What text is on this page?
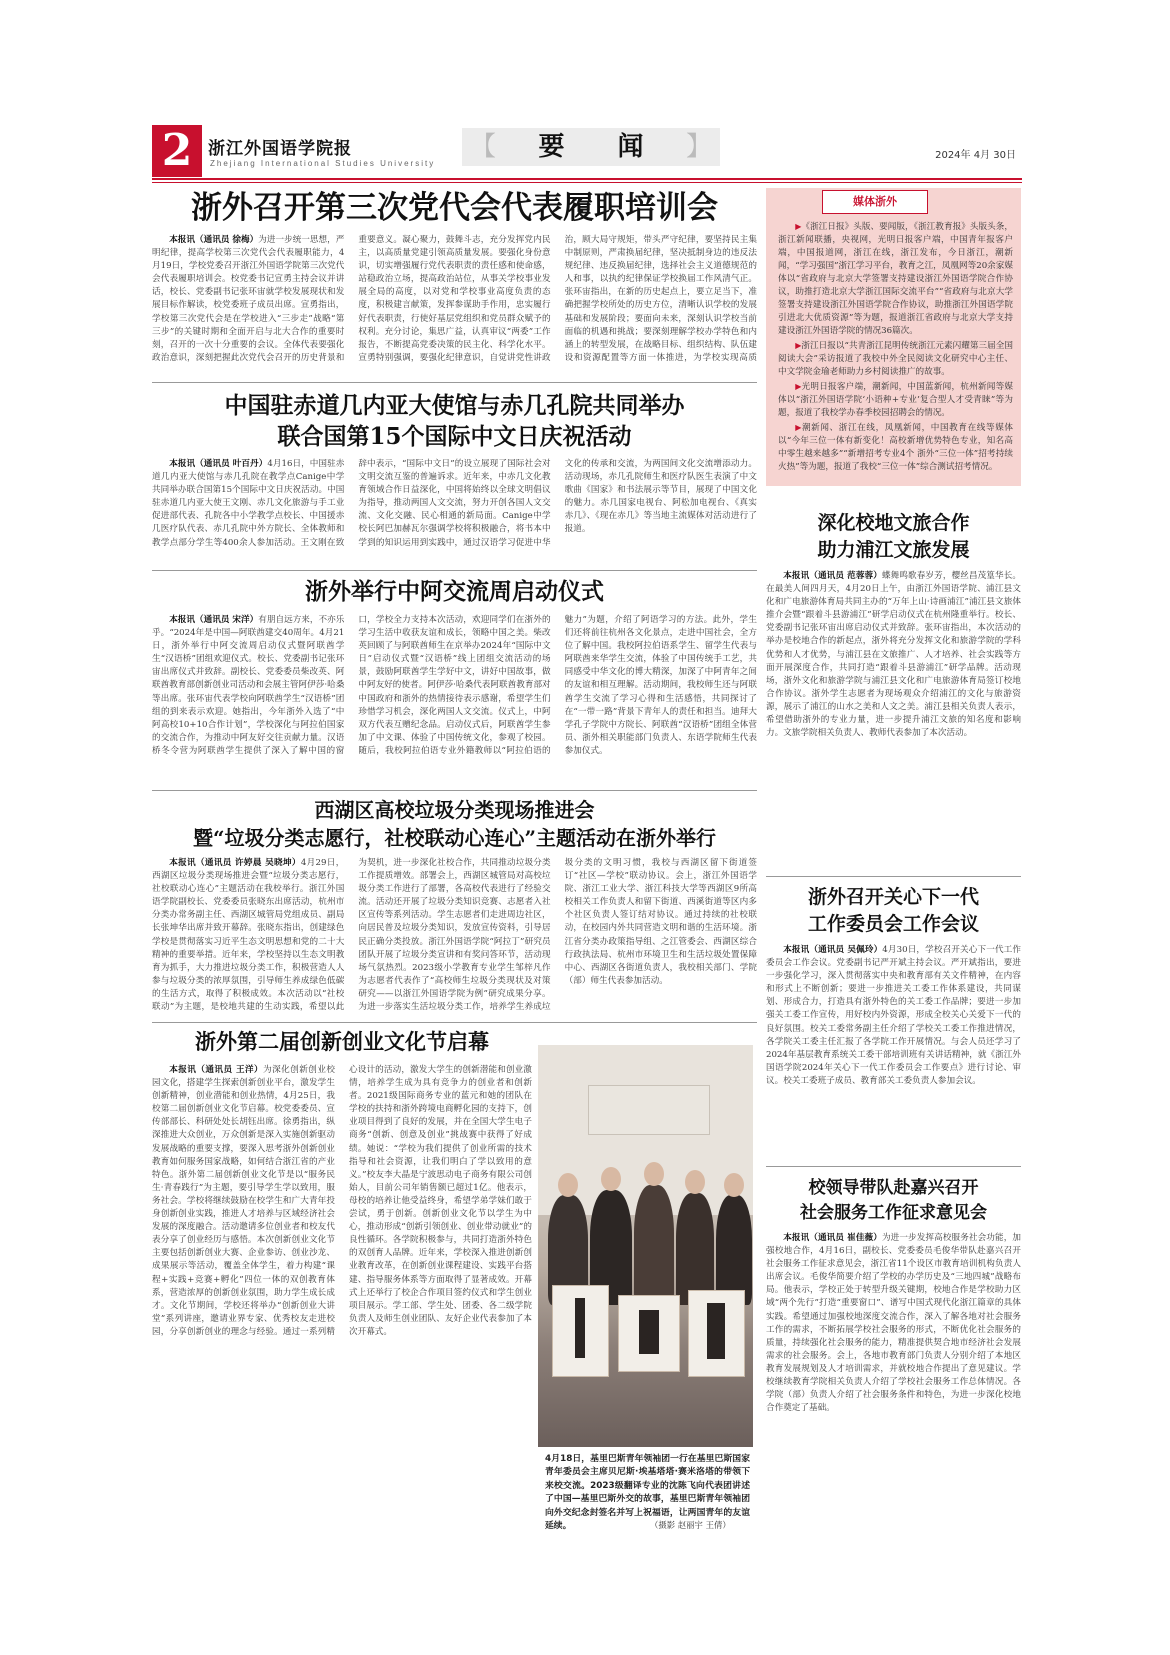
2 浙江外国语学院报
Zhejiang International Studies University
【	要 闻 】	2024年 4月 30日
浙外召开第三次党代会代表履职培训会
本报讯（通讯员 徐梅）为进一步统一思想，严明纪律，提高学校第三次党代会代表履职能力，4月19日，学校党委召开浙江外国语学院第三次党代会代表履职培训会。校党委书记宣勇主持会议并讲话，校长、党委副书记张环宙就学校发展现状和发展目标作解读，校党委班子成员出席。宣勇指出，学校第三次党代会是在学校进入“三步走”战略“第三步”的关键时期和全面开启与北大合作的重要时刻，召开的一次十分重要的会议。全体代表要强化政治意识，深刻把握此次党代会召开的历史背景和重要意义。凝心聚力，鼓舞斗志，充分发挥党内民主，以高质量党建引领高质量发展。要强化身份意识，切实增强履行党代表职责的责任感和使命感，站稳政治立场，提高政治站位，从事关学校事业发展全局的高度，以对党和学校事业高度负责的态度，积极建言献策，发挥参谋助手作用，忠实履行好代表职责，行使好基层党组织和党员群众赋予的权利。充分讨论，集思广益，认真审议“两委”工作报告，不断提高党委决策的民主化、科学化水平。宣勇特别强调，要强化纪律意识，自觉讲党性讲政治，顾大局守规矩，带头严守纪律，要坚持民主集中制原则，严肃换届纪律，坚决抵制身边的违反法规纪律、违反换届纪律，选择社会主义道德规范的人和事，以执约纪律保证学校换届工作风清气正。张环宙指出，在新的历史起点上，要立足当下，准确把握学校所处的历史方位，清晰认识学校的发展基础和发展阶段；要面向未来，深刻认识学校当前面临的机遇和挑战；要深刻理解学校办学特色和内涵上的转型发展，在战略目标、组织结构、队伍建设和资源配置等方面一体推进，为学校实现高质
中国驻赤道几内亚大使馆与赤几孔院共同举办
联合国第15个国际中文日庆祝活动
本报讯（通讯员 叶百丹）4月16日，中国驻赤道几内亚大使馆与赤几孔院在教学点Canige中学共同举办联合国第15个国际中文日庆祝活动。中国驻赤道几内亚大使王文刚、赤几文化旅游与手工业促进部代表、孔院各中小学教学点校长、中国援赤几医疗队代表、赤几孔院中外方院长、全体教师和教学点部分学生等400余人参加活动。王文刚在致辞中表示，“国际中文日”的设立展现了国际社会对文明交流互鉴的普遍诉求。近年来，中赤几文化教育领域合作日益深化，中国将始终以全球文明倡议为指导，推动两国人文交流，努力开创各国人文交流、文化交融、民心相通的新局面。Canige中学校长阿巴加赫瓦尔强调学校将积极融合，将书本中学到的知识运用到实践中，通过汉语学习促进中华文化的传承和交流，为两国间文化交流增添动力。活动现场，赤几孔院师生和医疗队医生表演了中文歌曲《国家》和书法展示等节目，展现了中国文化的魅力。赤几国家电视台、阿松加电视台、《真实赤几》、《现在赤几》等当地主流媒体对活动进行了报道。
浙外举行中阿交流周启动仪式
本报讯（通讯员 宋洋）有朋自远方来，不亦乐乎。“2024年是中国—阿联酋建交40周年。4月21日，浙外举行中阿交流周启动仪式暨阿联酋学生“汉语桥”团组欢迎仪式。校长、党委副书记张环宙出席仪式并致辞。副校长、党委委员柴改英、阿联酋教育部创新创业司活动和会展主管阿伊莎·哈桑等出席。张环宙代表学校向阿联酋学生“汉语桥”团组的到来表示欢迎。她指出，今年浙外入选了“中阿高校10+10合作计划”，学校深化与阿拉伯国家的交流合作，为推动中阿友好交往贡献力量。汉语桥冬令营为阿联酋学生提供了深入了解中国的窗口，学校全力支持本次活动，欢迎同学们在浙外的学习生活中收获友谊和成长，领略中国之美。柴改英回顾了与阿联酋师生在京举办2024年“国际中文日”启动仪式暨“汉语桥”线上团组交流活动的场景，鼓励阿联酋学生学好中文，讲好中国故事，做中阿友好的使者。阿伊莎·哈桑代表阿联酋教育部对中国政府和浙外的热情接待表示感谢，希望学生们珍惜学习机会，深化两国人文交流。仪式上，中阿双方代表互赠纪念品。启动仪式后，阿联酋学生参加了中文课、体验了中国传统文化，参观了校园。随后，我校阿拉伯语专业外籍教师以“阿拉伯语的魅力”为题，介绍了阿语学习的方法。此外，学生们还将前往杭州各文化景点，走进中国社会，全方位了解中国。我校阿拉伯语系学生、留学生代表与阿联酋来华学生交流，体验了中国传统手工艺，共同感受中华文化的博大精深，加深了中阿青年之间的友谊和相互理解。活动期间，我校师生还与阿联酋学生交流了学习心得和生活感悟，共同探讨了在“一带一路”背景下青年人的责任和担当。迪拜大学孔子学院中方院长、阿联酋“汉语桥”团组全体营员、浙外相关职能部门负责人、东语学院师生代表参加仪式。
西湖区高校垃圾分类现场推进会
暨“垃圾分类志愿行，社校联动心连心”主题活动在浙外举行
本报讯（通讯员 许婷晨 吴晓坤）4月29日，西湖区垃圾分类现场推进会暨“垃圾分类志愿行，社校联动心连心”主题活动在我校举行。浙江外国语学院副校长、党委委员张晓东出席活动，杭州市分类办常务副主任、西湖区城管局党组成员、副局长张坤华出席并致开幕辞。张晓东指出，创建绿色学校是贯彻落实习近平生态文明思想和党的二十大精神的重要举措。近年来，学校坚持以生态文明教育为抓手，大力推进垃圾分类工作，积极营造人人参与垃圾分类的浓厚氛围，引导师生养成绿色低碳的生活方式，取得了积极成效。本次活动以“社校联动”为主题，是校地共建的生动实践，希望以此为契机，进一步深化社校合作，共同推动垃圾分类工作提质增效。部署会上，西湖区城管局对高校垃圾分类工作进行了部署，各高校代表进行了经验交流。活动还开展了垃圾分类知识竞赛、志愿者入社区宣传等系列活动。学生志愿者们走进周边社区，向居民普及垃圾分类知识，发放宣传资料，引导居民正确分类投放。浙江外国语学院“阿拉丁”研究员团队开展了垃圾分类宣讲和有奖问答环节，活动现场气氛热烈。2023级小学教育专业学生邹梓凡作为志愿者代表作了“高校师生垃圾分类现状及对策研究——以浙江外国语学院为例”研究成果分享。为进一步落实生活垃圾分类工作，培养学生养成垃圾分类的文明习惯，我校与西湖区留下街道签订“社区—学校”联动协议。会上，浙江外国语学院、浙江工业大学、浙江科技大学等西湖区9所高校相关工作负责人和留下街道、西溪街道等区内多个社区负责人签订结对协议。通过持续的社校联动，在校园内外共同营造文明和谐的生活环境。浙江省分类办政策指导组、之江管委会、西湖区综合行政执法局、杭州市环境卫生和生活垃圾处置保障中心、西湖区各街道负责人，我校相关部门、学院（部）师生代表参加活动。
浙外第二届创新创业文化节启幕
本报讯（通讯员 王洋）为深化创新创业校园文化，搭建学生探索创新创业平台，激发学生创新精神，创业潜能和创业热情，4月25日，我校第二届创新创业文化节启幕。校党委委员、宣传部部长、科研处处长胡钰出席。徐勇指出，纵深推进大众创业，万众创新是深入实施创新驱动发展战略的重要支撑，要深入思考浙外创新创业教育如何服务国家战略，如何结合浙江省的产业特色。浙外第二届创新创业文化节是以“服务民生·青春践行”为主题，要引导学生学以致用，服务社会。学校将继续鼓励在校学生和广大青年投身创新创业实践，推进人才培养与区域经济社会发展的深度融合。活动邀请多位创业者和校友代表分享了创业经历与感悟。本次创新创业文化节主要包括创新创业大赛、企业参访、创业沙龙、成果展示等活动，覆盖全体学生，着力构建“课程+实践+竞赛+孵化”四位一体的双创教育体系，营造浓厚的创新创业氛围，助力学生成长成才。文化节期间，学校还将举办“创新创业大讲堂”系列讲座，邀请业界专家、优秀校友走进校园，分享创新创业的理念与经验。通过一系列精心设计的活动，激发大学生的创新潜能和创业激情，培养学生成为具有竞争力的创业者和创新者。2021级国际商务专业的蓝元和她的团队在学校的扶持和浙外跨境电商孵化园的支持下，创业项目得到了良好的发展，并在全国大学生电子商务“创新、创意及创业”挑战赛中获得了好成绩。她说：“学校为我们提供了创业所需的技术指导和社会资源，让我们明白了学以致用的意义。”校友李大晶是宁波思动电子商务有限公司创始人，目前公司年销售额已超过1亿。他表示，母校的培养让他受益终身，希望学弟学妹们敢于尝试，勇于创新。创新创业文化节以学生为中心，推动形成“创新引领创业、创业带动就业”的良性循环。各学院积极参与，共同打造浙外特色的双创育人品牌。近年来，学校深入推进创新创业教育改革，在创新创业课程建设、实践平台搭建、指导服务体系等方面取得了显著成效。开幕式上还举行了校企合作项目签约仪式和学生创业项目展示。学工部、学生处、团委、各二级学院负责人及师生创业团队、友好企业代表参加了本次开幕式。
4月18日，基里巴斯青年领袖团一行在基里巴斯国家青年委员会主席贝尼斯·埃基塔塔·赛米洛塔的带领下来校交流。2023级翻译专业的沈陈飞向代表团讲述了中国—基里巴斯外交的故事，基里巴斯青年领袖团向外交纪念封签名并写上祝福语，让两国青年的友谊延续。	（摄影 赵丽宇 王倩）
媒体浙外

▶《浙江日报》头版、要闻版，《浙江教育报》头版头条，浙江新闻联播，央视网，光明日报客户端，中国青年报客户端，中国报道网，浙江在线，浙江发布，今日浙江，潮新闻，“学习强国”浙江学习平台，教育之江，凤凰网等20余家媒体以“省政府与北京大学签署支持建设浙江外国语学院合作协议，助推打造北京大学浙江国际交流平台”“省政府与北京大学签署支持建设浙江外国语学院合作协议，助推浙江外国语学院引进北大优质资源”等为题，报道浙江省政府与北京大学支持建设浙江外国语学院的情况36篇次。

▶浙江日报以“共青浙江昆明传统浙江元素闪耀第三届全国阅读大会”采访报道了我校中外全民阅读文化研究中心主任、中文学院金瑜老师助力乡村阅读推广的故事。

▶光明日报客户端，潮新闻，中国蓝新闻，杭州新闻等媒体以“浙江外国语学院‘小语种+专业’复合型人才受青睐”等为题，报道了我校学办春季校园招聘会的情况。

▶潮新闻、浙江在线，凤凰新闻，中国教育在线等媒体以“今年三位一体有新变化！高校新增优势特色专业，知名高中零生越来越多”“新增招考专业4个 浙外“三位一体”招考持续火热”等为题，报道了我校“三位一体”综合测试招考情况。

深化校地文旅合作
助力浦江文旅发展
本报讯（通讯员 范蓉蓉）蝶舞鸣歌春岁芳，樱丝昌茂篁华长。在最美人间四月天，4月20日上午，由浙江外国语学院、浦江县文化和广电旅游体育局共同主办的“万年上山·诗画浦江”浦江县文旅体推介会暨“跟着斗县游浦江”研学启动仪式在杭州隆重举行。校长、党委副书记张环宙出席启动仪式并致辞。张环宙指出，本次活动的举办是校地合作的新起点，浙外将充分发挥文化和旅游学院的学科优势和人才优势，与浦江县在文旅推广、人才培养、社会实践等方面开展深度合作，共同打造“跟着斗县游浦江”研学品牌。活动现场，浙外文化和旅游学院与浦江县文化和广电旅游体育局签订校地合作协议。浙外学生志愿者为现场观众介绍浦江的文化与旅游资源，展示了浦江的山水之美和人文之美。浦江县相关负责人表示，希望借助浙外的专业力量，进一步提升浦江文旅的知名度和影响力。文旅学院相关负责人、教师代表参加了本次活动。
浙外召开关心下一代
工作委员会工作会议
本报讯（通讯员 吴佩玲）4月30日，学校召开关心下一代工作委员会工作会议。党委副书记严开斌主持会议。严开斌指出，要进一步强化学习，深入贯彻落实中央和教育部有关文件精神，在内容和形式上不断创新；要进一步推进关工委工作体系建设，共同谋划、形成合力，打造具有浙外特色的关工委工作品牌；要进一步加强关工委工作宣传，用好校内外资源，形成全校关心关爱下一代的良好氛围。校关工委常务副主任介绍了学校关工委工作推进情况，各学院关工委主任汇报了各学院工作开展情况。与会人员还学习了2024年基层教育系统关工委干部培训班有关讲话精神，就《浙江外国语学院2024年关心下一代工作委员会工作要点》进行讨论、审议。校关工委班子成员、教育部关工委负责人参加会议。
校领导带队赴嘉兴召开
社会服务工作征求意见会
本报讯（通讯员 崔佳薇）为进一步发挥高校服务社会功能，加强校地合作，4月16日，副校长、党委委员毛俊华带队赴嘉兴召开社会服务工作征求意见会，浙江省11个设区市教育培训机构负责人出席会议。毛俊华简要介绍了学校的办学历史及“三地四城”战略布局。他表示，学校正处于转型升级关键期，校地合作是学校助力区域“两个先行”打造“重要窗口”、谱写中国式现代化浙江篇章的具体实践。希望通过加强校地深度交流合作，深入了解各地对社会服务工作的需求，不断拓展学校社会服务的形式，不断优化社会服务的质量，持续强化社会服务的能力，精准提供契合地市经济社会发展需求的社会服务。会上，各地市教育部门负责人分别介绍了本地区教育发展规划及人才培训需求，并就校地合作提出了意见建议。学校继续教育学院相关负责人介绍了学校社会服务工作总体情况。各学院（部）负责人介绍了社会服务条件和特色，为进一步深化校地合作奠定了基础。
